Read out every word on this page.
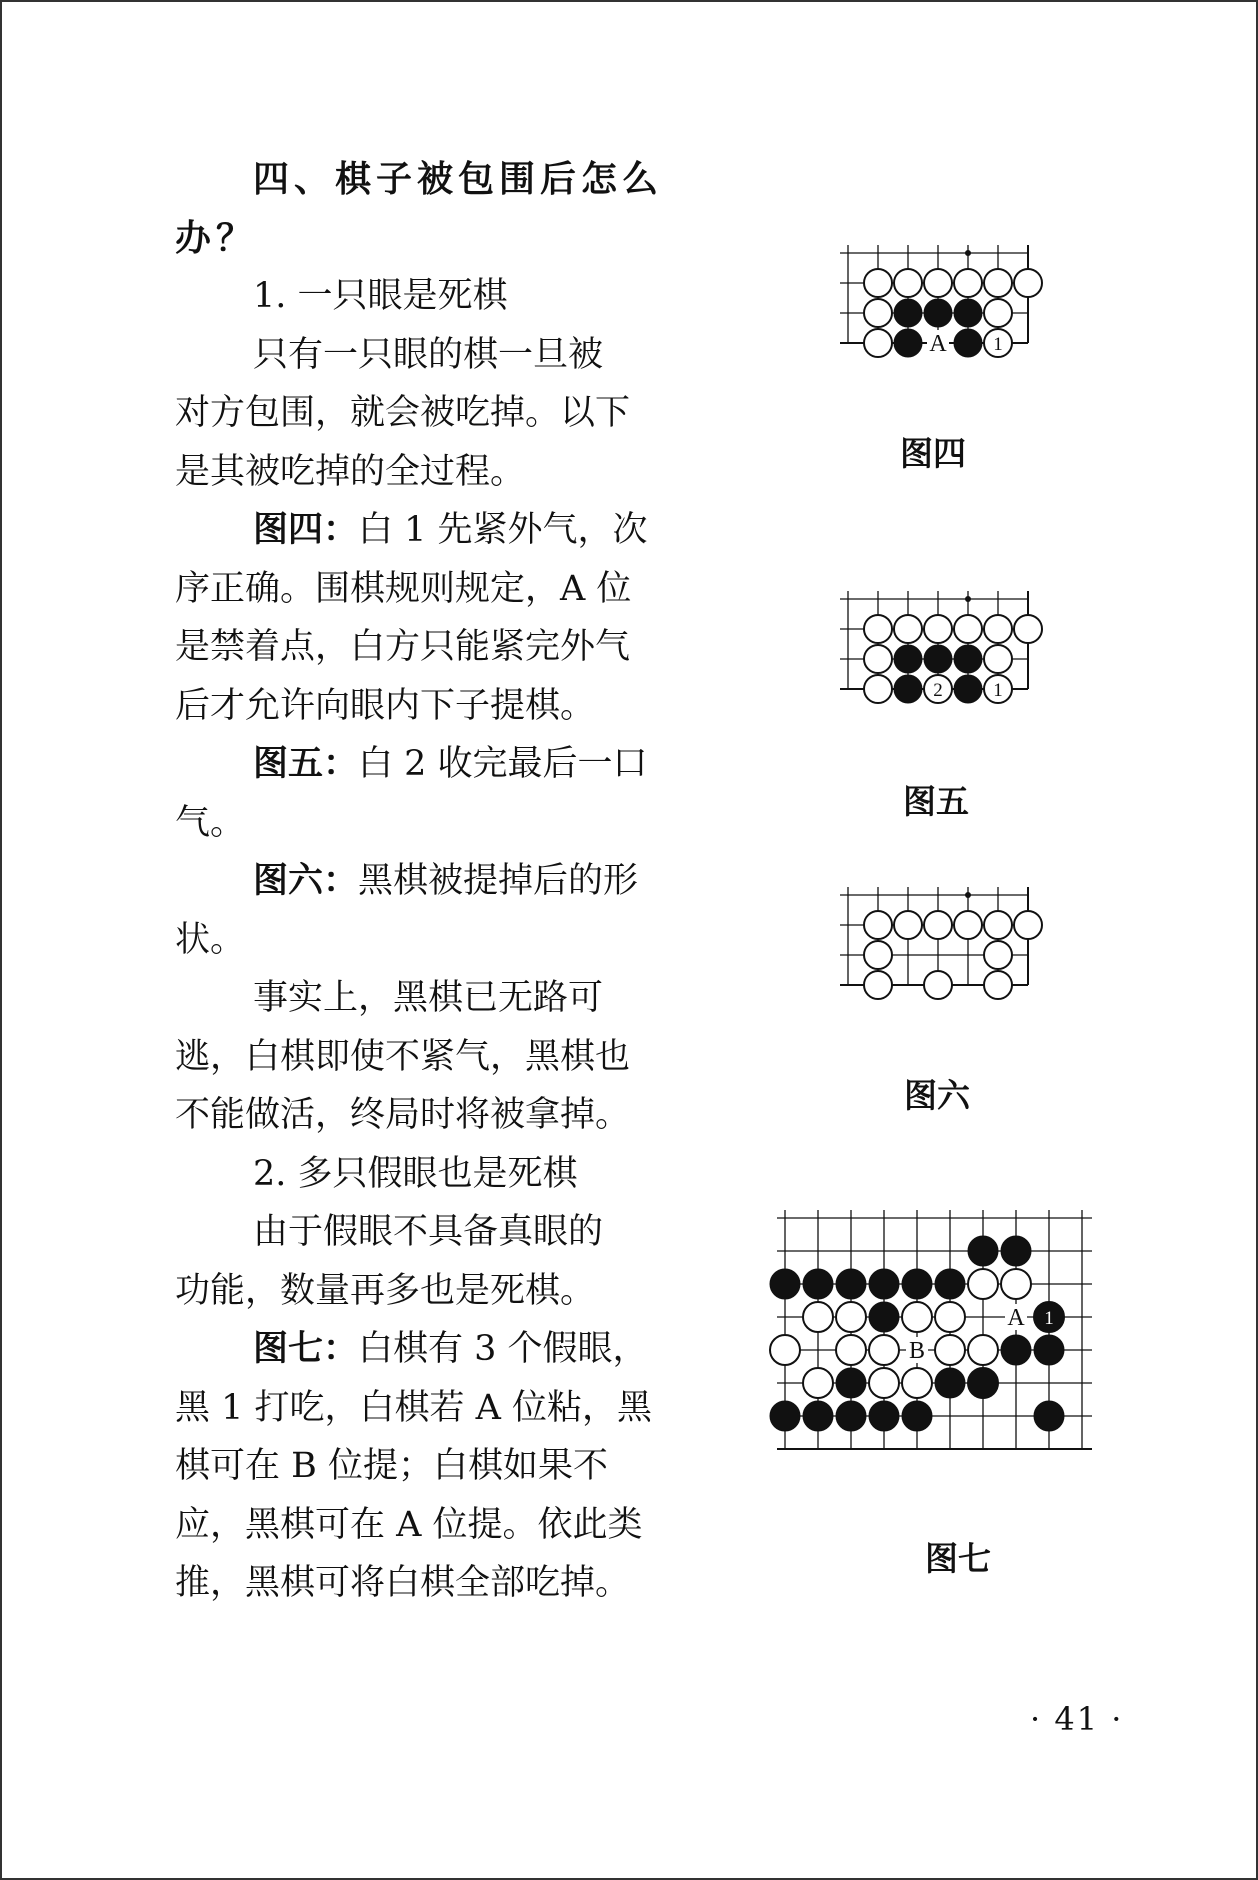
四、棋子被包围后怎么
办？
1. 一只眼是死棋
只有一只眼的棋一旦被
对方包围，就会被吃掉。以下
是其被吃掉的全过程。
图四：白 1 先紧外气，次
序正确。围棋规则规定，A 位
是禁着点，白方只能紧完外气
后才允许向眼内下子提棋。
图五：白 2 收完最后一口
气。
图六：黑棋被提掉后的形
状。
事实上，黑棋已无路可
逃，白棋即使不紧气，黑棋也
不能做活，终局时将被拿掉。
2. 多只假眼也是死棋
由于假眼不具备真眼的
功能，数量再多也是死棋。
图七：白棋有 3 个假眼，
黑 1 打吃，白棋若 A 位粘，黑
棋可在 B 位提；白棋如果不
应，黑棋可在 A 位提。依此类
推，黑棋可将白棋全部吃掉。
1
A
图四
1
2
图五
图六
1
A
B
图七
· 41 ·
